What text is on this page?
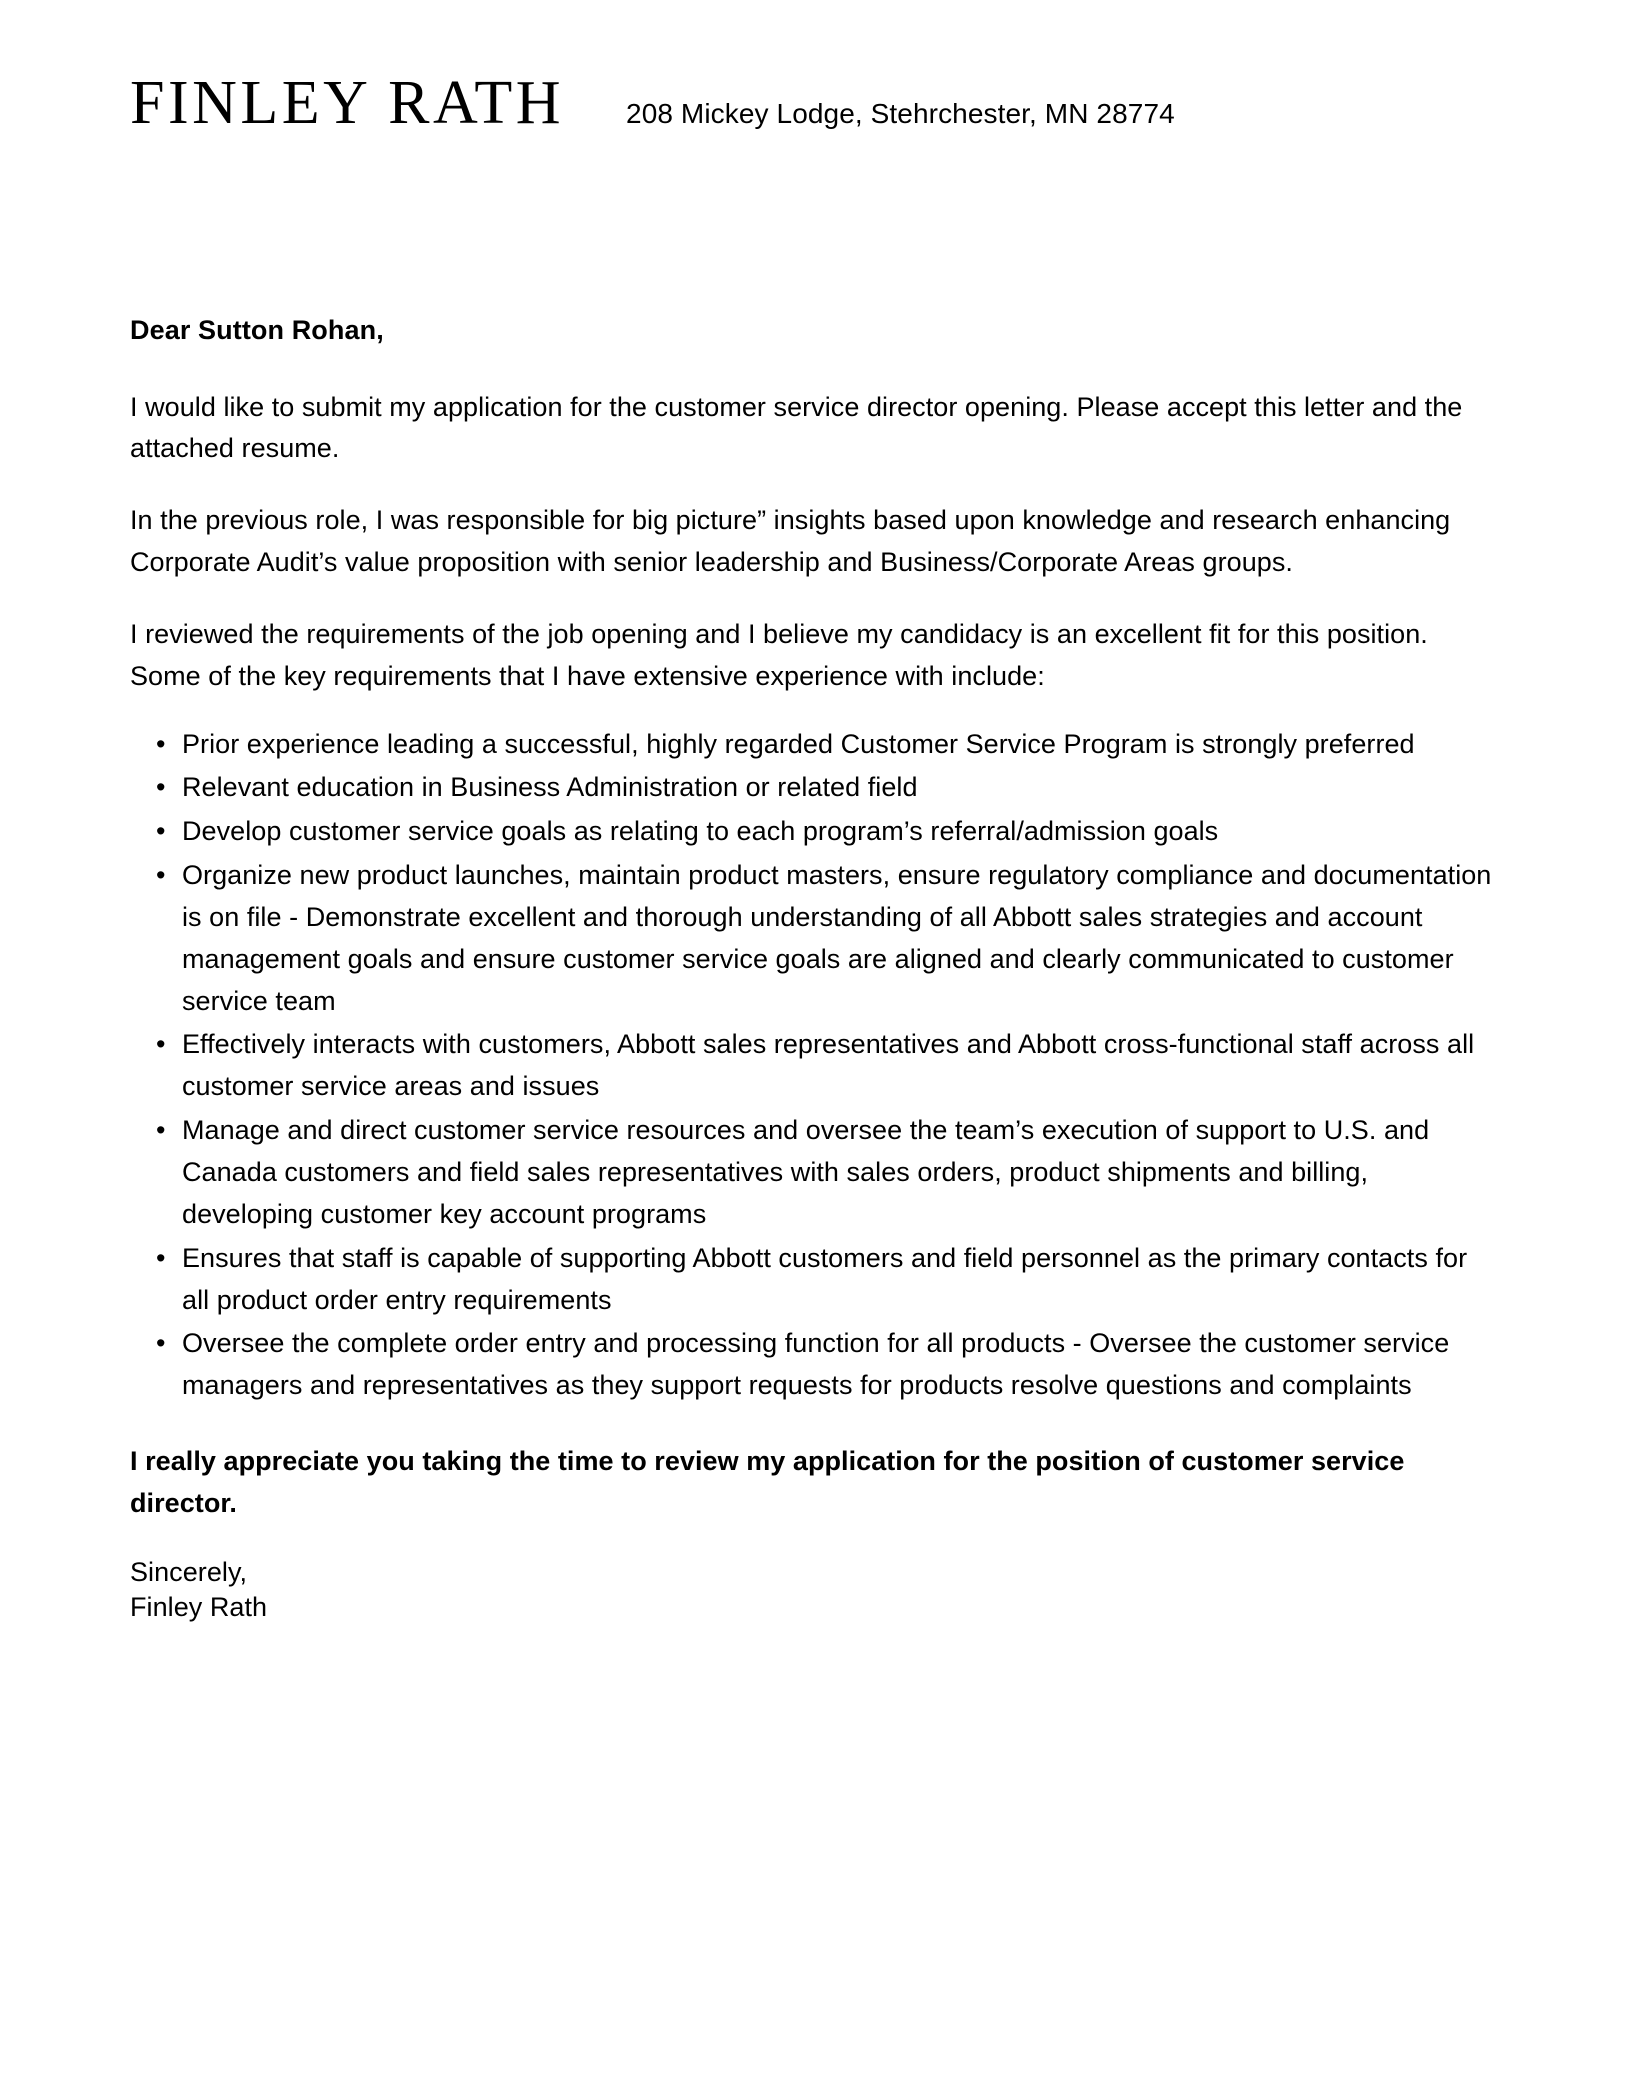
FINLEY RATH 208 Mickey Lodge, Stehrchester, MN 28774

Dear Sutton Rohan,

I would like to submit my application for the customer service director opening. Please accept this letter and the attached resume.

In the previous role, I was responsible for big picture” insights based upon knowledge and research enhancing Corporate Audit’s value proposition with senior leadership and Business/Corporate Areas groups.

I reviewed the requirements of the job opening and I believe my candidacy is an excellent fit for this position. Some of the key requirements that I have extensive experience with include:

• Prior experience leading a successful, highly regarded Customer Service Program is strongly preferred
• Relevant education in Business Administration or related field
• Develop customer service goals as relating to each program’s referral/admission goals
• Organize new product launches, maintain product masters, ensure regulatory compliance and documentation is on file - Demonstrate excellent and thorough understanding of all Abbott sales strategies and account management goals and ensure customer service goals are aligned and clearly communicated to customer service team
• Effectively interacts with customers, Abbott sales representatives and Abbott cross-functional staff across all customer service areas and issues
• Manage and direct customer service resources and oversee the team’s execution of support to U.S. and Canada customers and field sales representatives with sales orders, product shipments and billing, developing customer key account programs
• Ensures that staff is capable of supporting Abbott customers and field personnel as the primary contacts for all product order entry requirements
• Oversee the complete order entry and processing function for all products - Oversee the customer service managers and representatives as they support requests for products resolve questions and complaints

I really appreciate you taking the time to review my application for the position of customer service director.

Sincerely,
Finley Rath
